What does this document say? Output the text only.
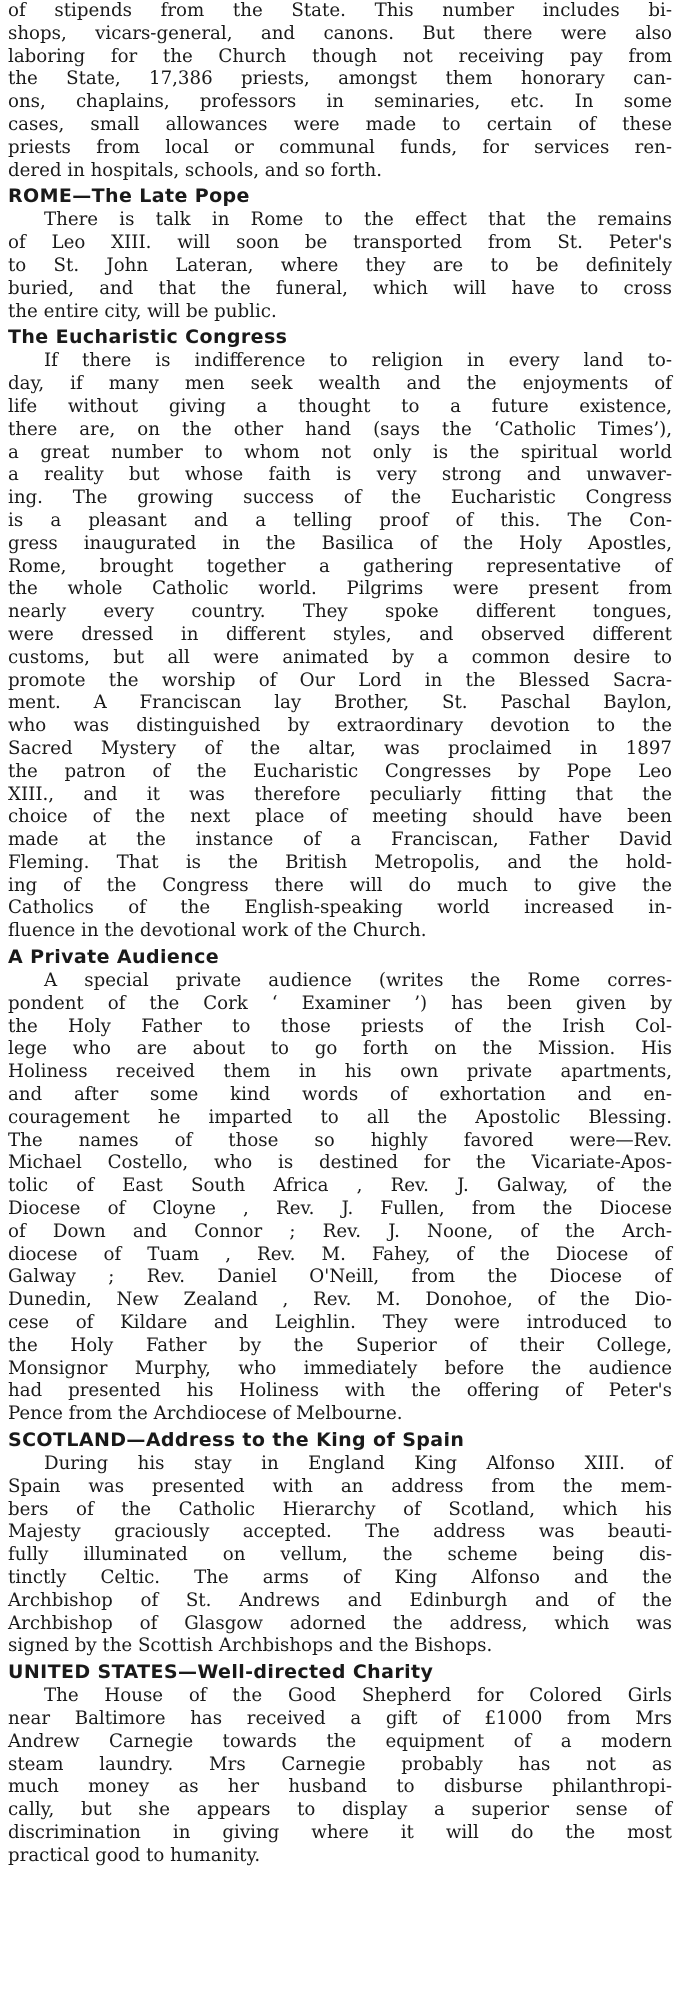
of stipends from the State. This number includes bi-
shops, vicars-general, and canons. But there were also
laboring for the Church though not receiving pay from
the State, 17,386 priests, amongst them honorary can-
ons, chaplains, professors in seminaries, etc. In some
cases, small allowances were made to certain of these
priests from local or communal funds, for services ren-
dered in hospitals, schools, and so forth.

ROME—The Late Pope

There is talk in Rome to the effect that the remains
of Leo XIII. will soon be transported from St. Peter's
to St. John Lateran, where they are to be definitely
buried, and that the funeral, which will have to cross
the entire city, will be public.

The Eucharistic Congress

If there is indifference to religion in every land to-
day, if many men seek wealth and the enjoyments of
life without giving a thought to a future existence,
there are, on the other hand (says the ‘Catholic Times’),
a great number to whom not only is the spiritual world
a reality but whose faith is very strong and unwaver-
ing. The growing success of the Eucharistic Congress
is a pleasant and a telling proof of this. The Con-
gress inaugurated in the Basilica of the Holy Apostles,
Rome, brought together a gathering representative of
the whole Catholic world. Pilgrims were present from
nearly every country. They spoke different tongues,
were dressed in different styles, and observed different
customs, but all were animated by a common desire to
promote the worship of Our Lord in the Blessed Sacra-
ment. A Franciscan lay Brother, St. Paschal Baylon,
who was distinguished by extraordinary devotion to the
Sacred Mystery of the altar, was proclaimed in 1897
the patron of the Eucharistic Congresses by Pope Leo
XIII., and it was therefore peculiarly fitting that the
choice of the next place of meeting should have been
made at the instance of a Franciscan, Father David
Fleming. That is the British Metropolis, and the hold-
ing of the Congress there will do much to give the
Catholics of the English-speaking world increased in-
fluence in the devotional work of the Church.

A Private Audience

A special private audience (writes the Rome corres-
pondent of the Cork ‘ Examiner ’) has been given by
the Holy Father to those priests of the Irish Col-
lege who are about to go forth on the Mission. His
Holiness received them in his own private apartments,
and after some kind words of exhortation and en-
couragement he imparted to all the Apostolic Blessing.
The names of those so highly favored were—Rev.
Michael Costello, who is destined for the Vicariate-Apos-
tolic of East South Africa , Rev. J. Galway, of the
Diocese of Cloyne , Rev. J. Fullen, from the Diocese
of Down and Connor ; Rev. J. Noone, of the Arch-
diocese of Tuam , Rev. M. Fahey, of the Diocese of
Galway ; Rev. Daniel O'Neill, from the Diocese of
Dunedin, New Zealand , Rev. M. Donohoe, of the Dio-
cese of Kildare and Leighlin. They were introduced to
the Holy Father by the Superior of their College,
Monsignor Murphy, who immediately before the audience
had presented his Holiness with the offering of Peter's
Pence from the Archdiocese of Melbourne.

SCOTLAND—Address to the King of Spain

During his stay in England King Alfonso XIII. of
Spain was presented with an address from the mem-
bers of the Catholic Hierarchy of Scotland, which his
Majesty graciously accepted. The address was beauti-
fully illuminated on vellum, the scheme being dis-
tinctly Celtic. The arms of King Alfonso and the
Archbishop of St. Andrews and Edinburgh and of the
Archbishop of Glasgow adorned the address, which was
signed by the Scottish Archbishops and the Bishops.

UNITED STATES—Well-directed Charity

The House of the Good Shepherd for Colored Girls
near Baltimore has received a gift of £1000 from Mrs
Andrew Carnegie towards the equipment of a modern
steam laundry. Mrs Carnegie probably has not as
much money as her husband to disburse philanthropi-
cally, but she appears to display a superior sense of
discrimination in giving where it will do the most
practical good to humanity.
